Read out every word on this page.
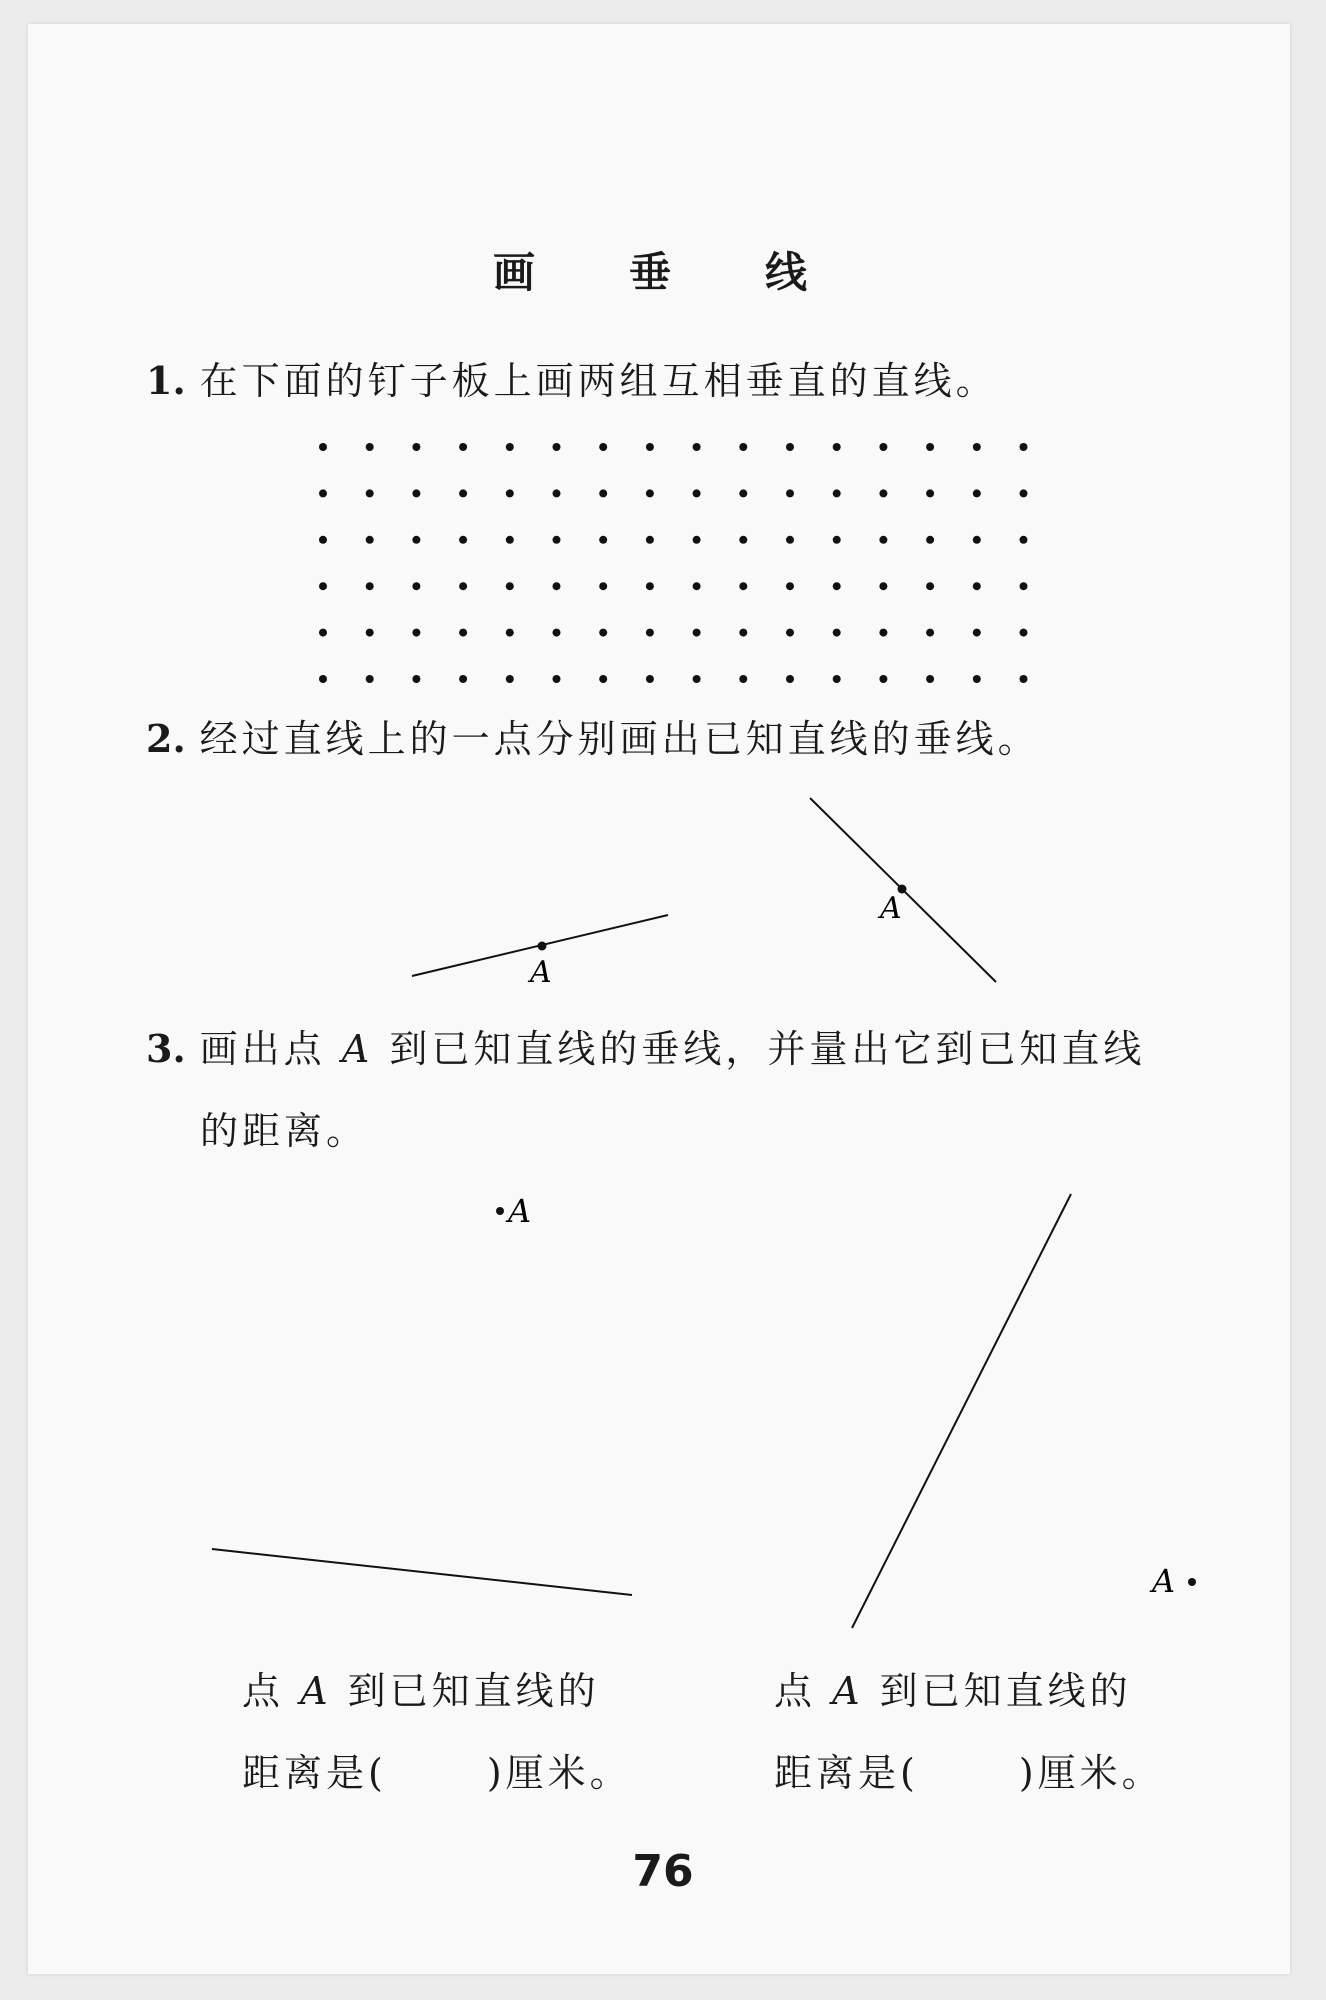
画　垂　线
1. 在下面的钉子板上画两组互相垂直的直线。
2. 经过直线上的一点分别画出已知直线的垂线。
3. 画出点 A 到已知直线的垂线，并量出它到已知直线
的距离。
A
A
A
A
点 A 到已知直线的
距离是(	)厘米。
点 A 到已知直线的
距离是(	)厘米。
76
